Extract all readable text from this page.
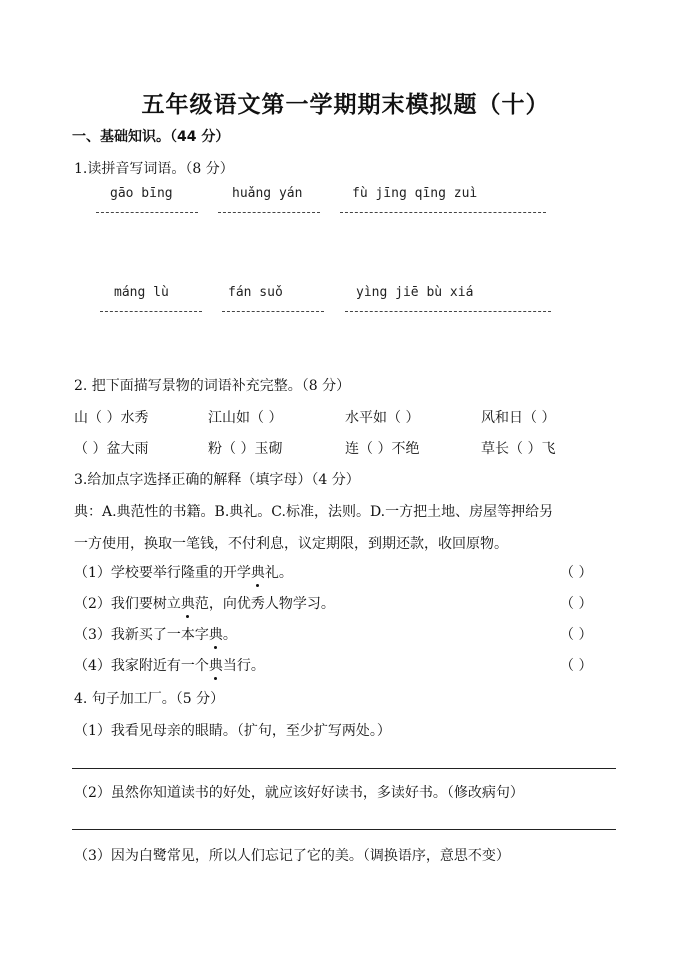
五年级语文第一学期期末模拟题（十）
一、基础知识。（44 分）
1.读拼音写词语。（8 分）
gāo bīng	huǎng yán	fù jīng qīng zuì
máng lù	fán suǒ	yìng jiē bù xiá
2. 把下面描写景物的词语补充完整。（8 分）
山（ ）水秀	江山如（ ）	水平如（ ）	风和日（ ）
（ ）盆大雨	粉（ ）玉砌	连（ ）不绝	草长（ ）飞
3.给加点字选择正确的解释（填字母）（4 分）
典：A.典范性的书籍。B.典礼。C.标准，法则。D.一方把土地、房屋等押给另
一方使用，换取一笔钱，不付利息，议定期限，到期还款，收回原物。
（1）学校要举行隆重的开学典礼。	（ ）
（2）我们要树立典范，向优秀人物学习。	（ ）
（3）我新买了一本字典。	（ ）
（4）我家附近有一个典当行。	（ ）
4. 句子加工厂。（5 分）
（1）我看见母亲的眼睛。（扩句，至少扩写两处。）
（2）虽然你知道读书的好处，就应该好好读书，多读好书。（修改病句）
（3）因为白鹭常见，所以人们忘记了它的美。（调换语序，意思不变）
